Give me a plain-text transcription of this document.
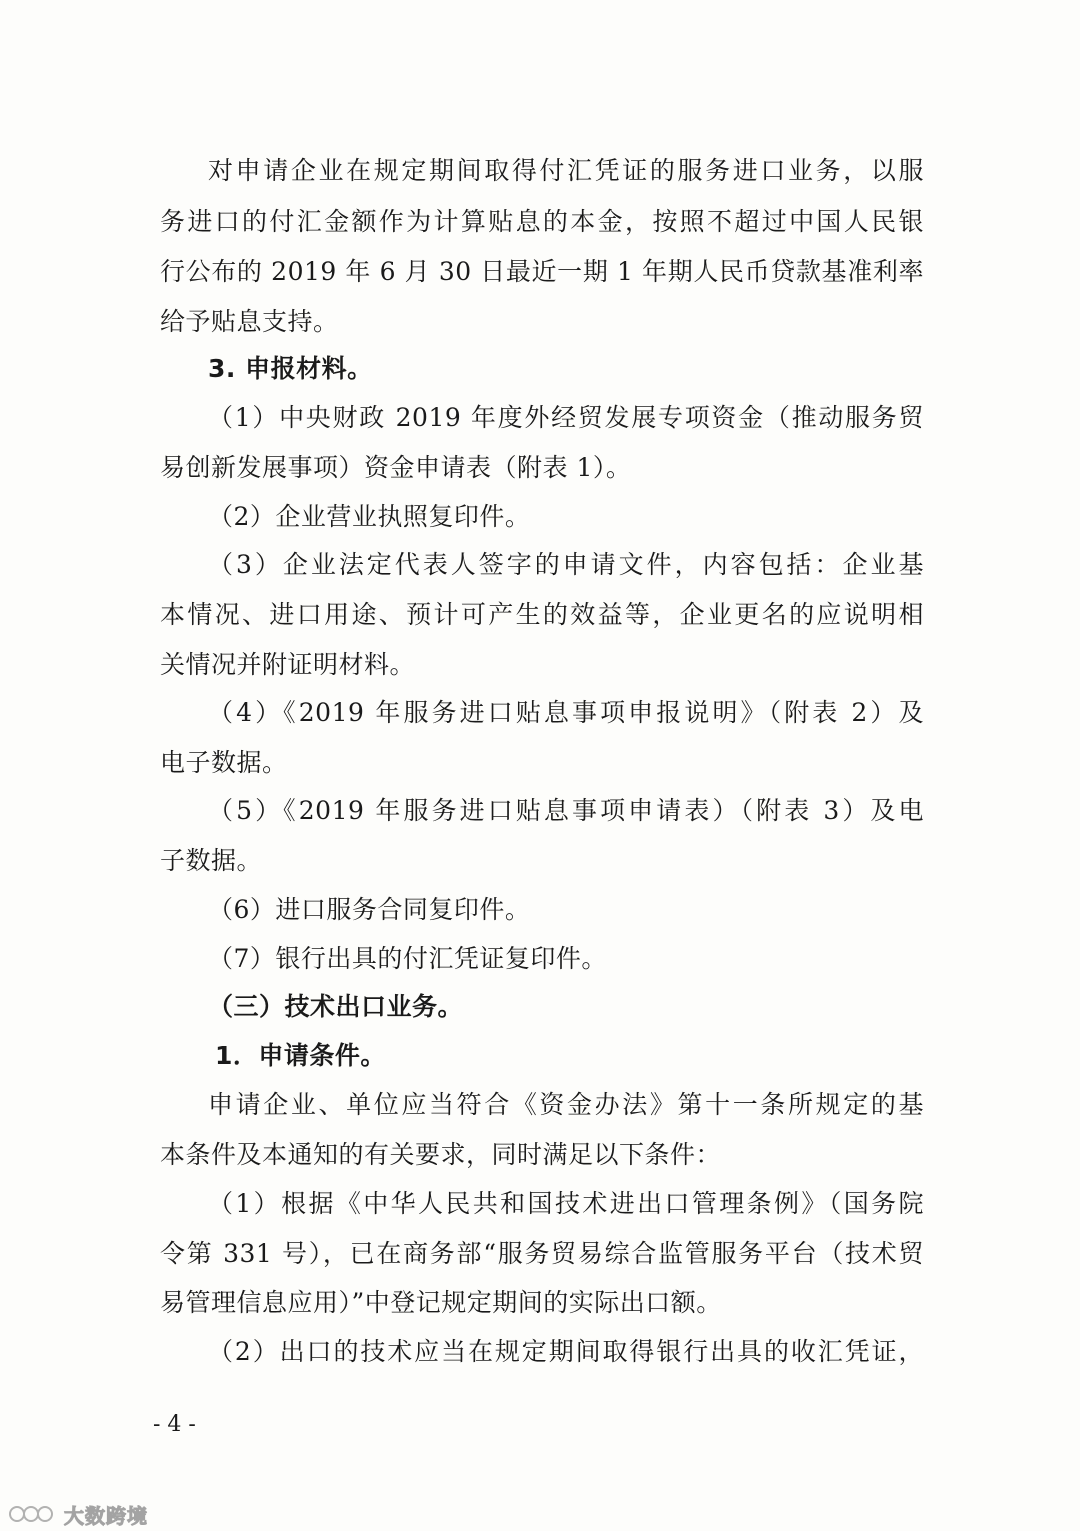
对申请企业在规定期间取得付汇凭证的服务进口业务，以服
务进口的付汇金额作为计算贴息的本金，按照不超过中国人民银
行公布的 2019 年 6 月 30 日最近一期 1 年期人民币贷款基准利率
给予贴息支持。
3. 申报材料。
（1）中央财政 2019 年度外经贸发展专项资金（推动服务贸
易创新发展事项）资金申请表（附表 1）。
（2）企业营业执照复印件。
（3）企业法定代表人签字的申请文件，内容包括：企业基
本情况、进口用途、预计可产生的效益等，企业更名的应说明相
关情况并附证明材料。
（4）《2019 年服务进口贴息事项申报说明》（附表 2）及
电子数据。
（5）《2019 年服务进口贴息事项申请表）（附表 3）及电
子数据。
（6）进口服务合同复印件。
（7）银行出具的付汇凭证复印件。
（三）技术出口业务。
1．申请条件。
申请企业、单位应当符合《资金办法》第十一条所规定的基
本条件及本通知的有关要求，同时满足以下条件：
（1）根据《中华人民共和国技术进出口管理条例》（国务院
令第 331 号），已在商务部“服务贸易综合监管服务平台（技术贸
易管理信息应用）”中登记规定期间的实际出口额。
（2）出口的技术应当在规定期间取得银行出具的收汇凭证，
- 4 -
大数跨境
